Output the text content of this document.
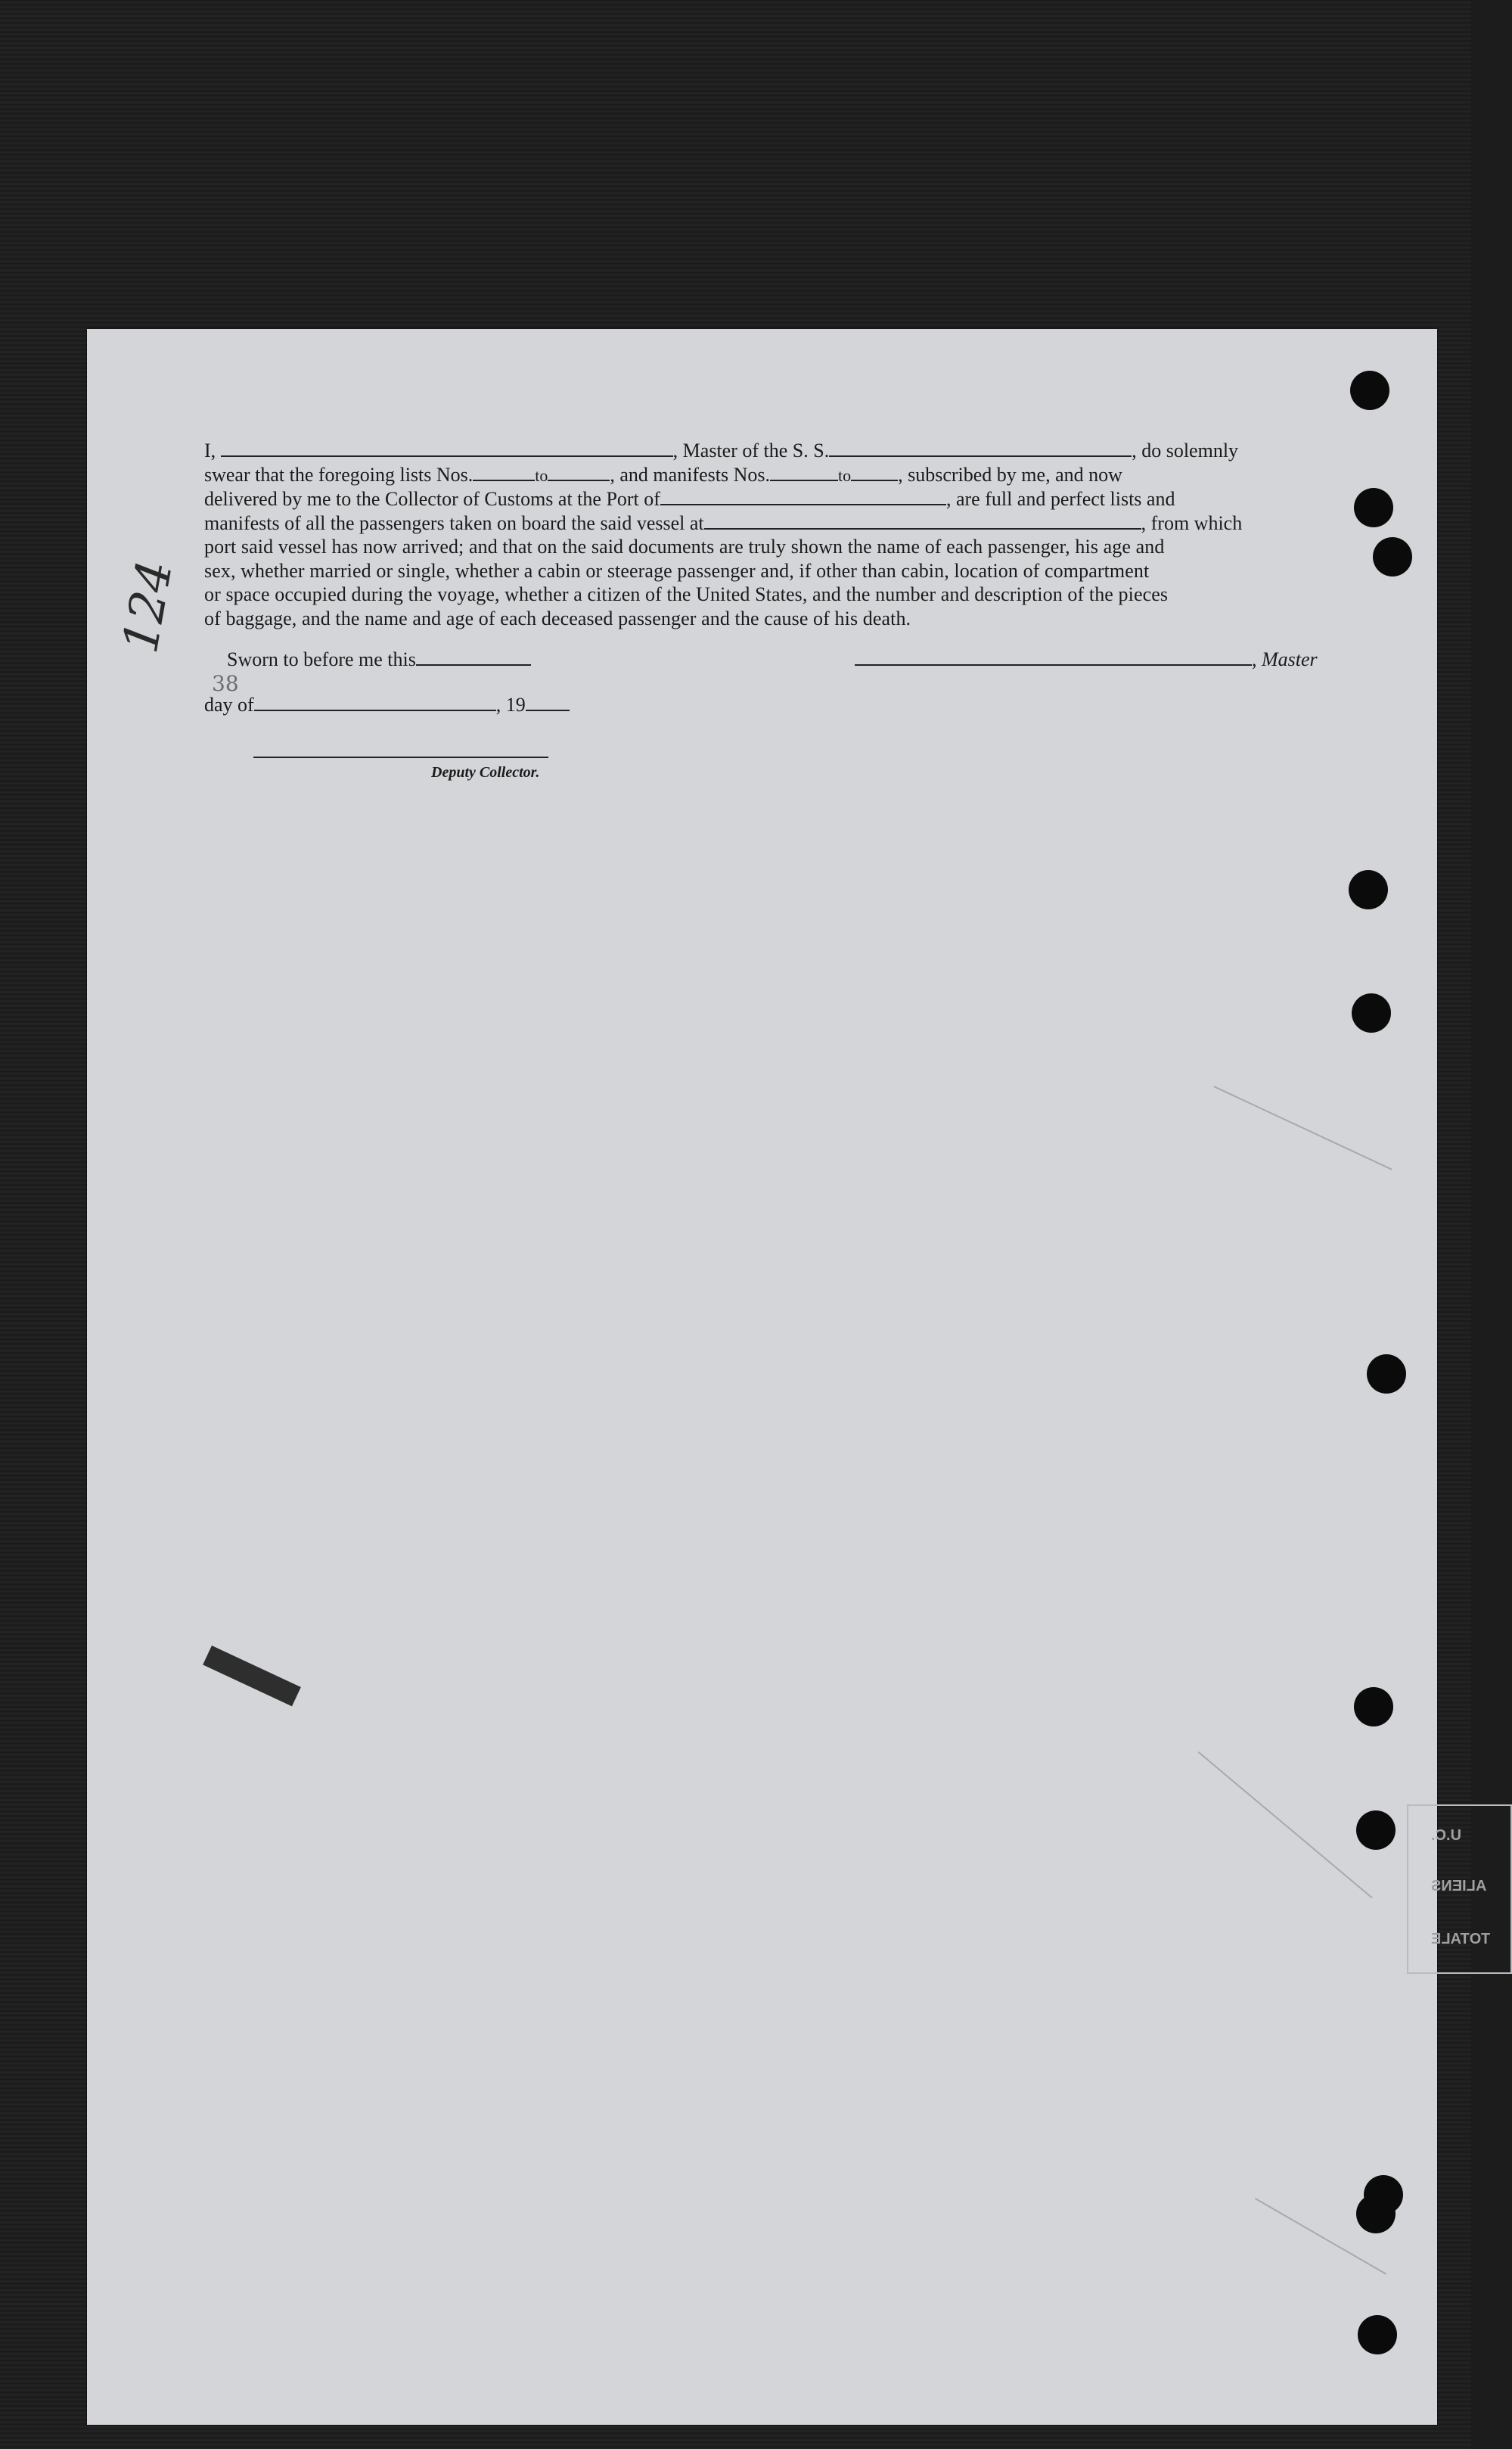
I,	, Master of the S. S.	, do solemnly
swear that the foregoing lists Nos.	to	, and manifests Nos.	to , subscribed by me, and now
delivered by me to the Collector of Customs at the Port of	, are full and perfect lists and
manifests of all the passengers taken on board the said vessel at	, from which
port said vessel has now arrived; and that on the said documents are truly shown the name of each passenger, his age and
sex, whether married or single, whether a cabin or steerage passenger and, if other than cabin, location of compartment
or space occupied during the voyage, whether a citizen of the United States, and the number and description of the pieces
of baggage, and the name and age of each deceased passenger and the cause of his death.
Sworn to before me this
day of	, 19
, Master
Deputy Collector.
124
38
U.C.
ALIENS
TOTALE
